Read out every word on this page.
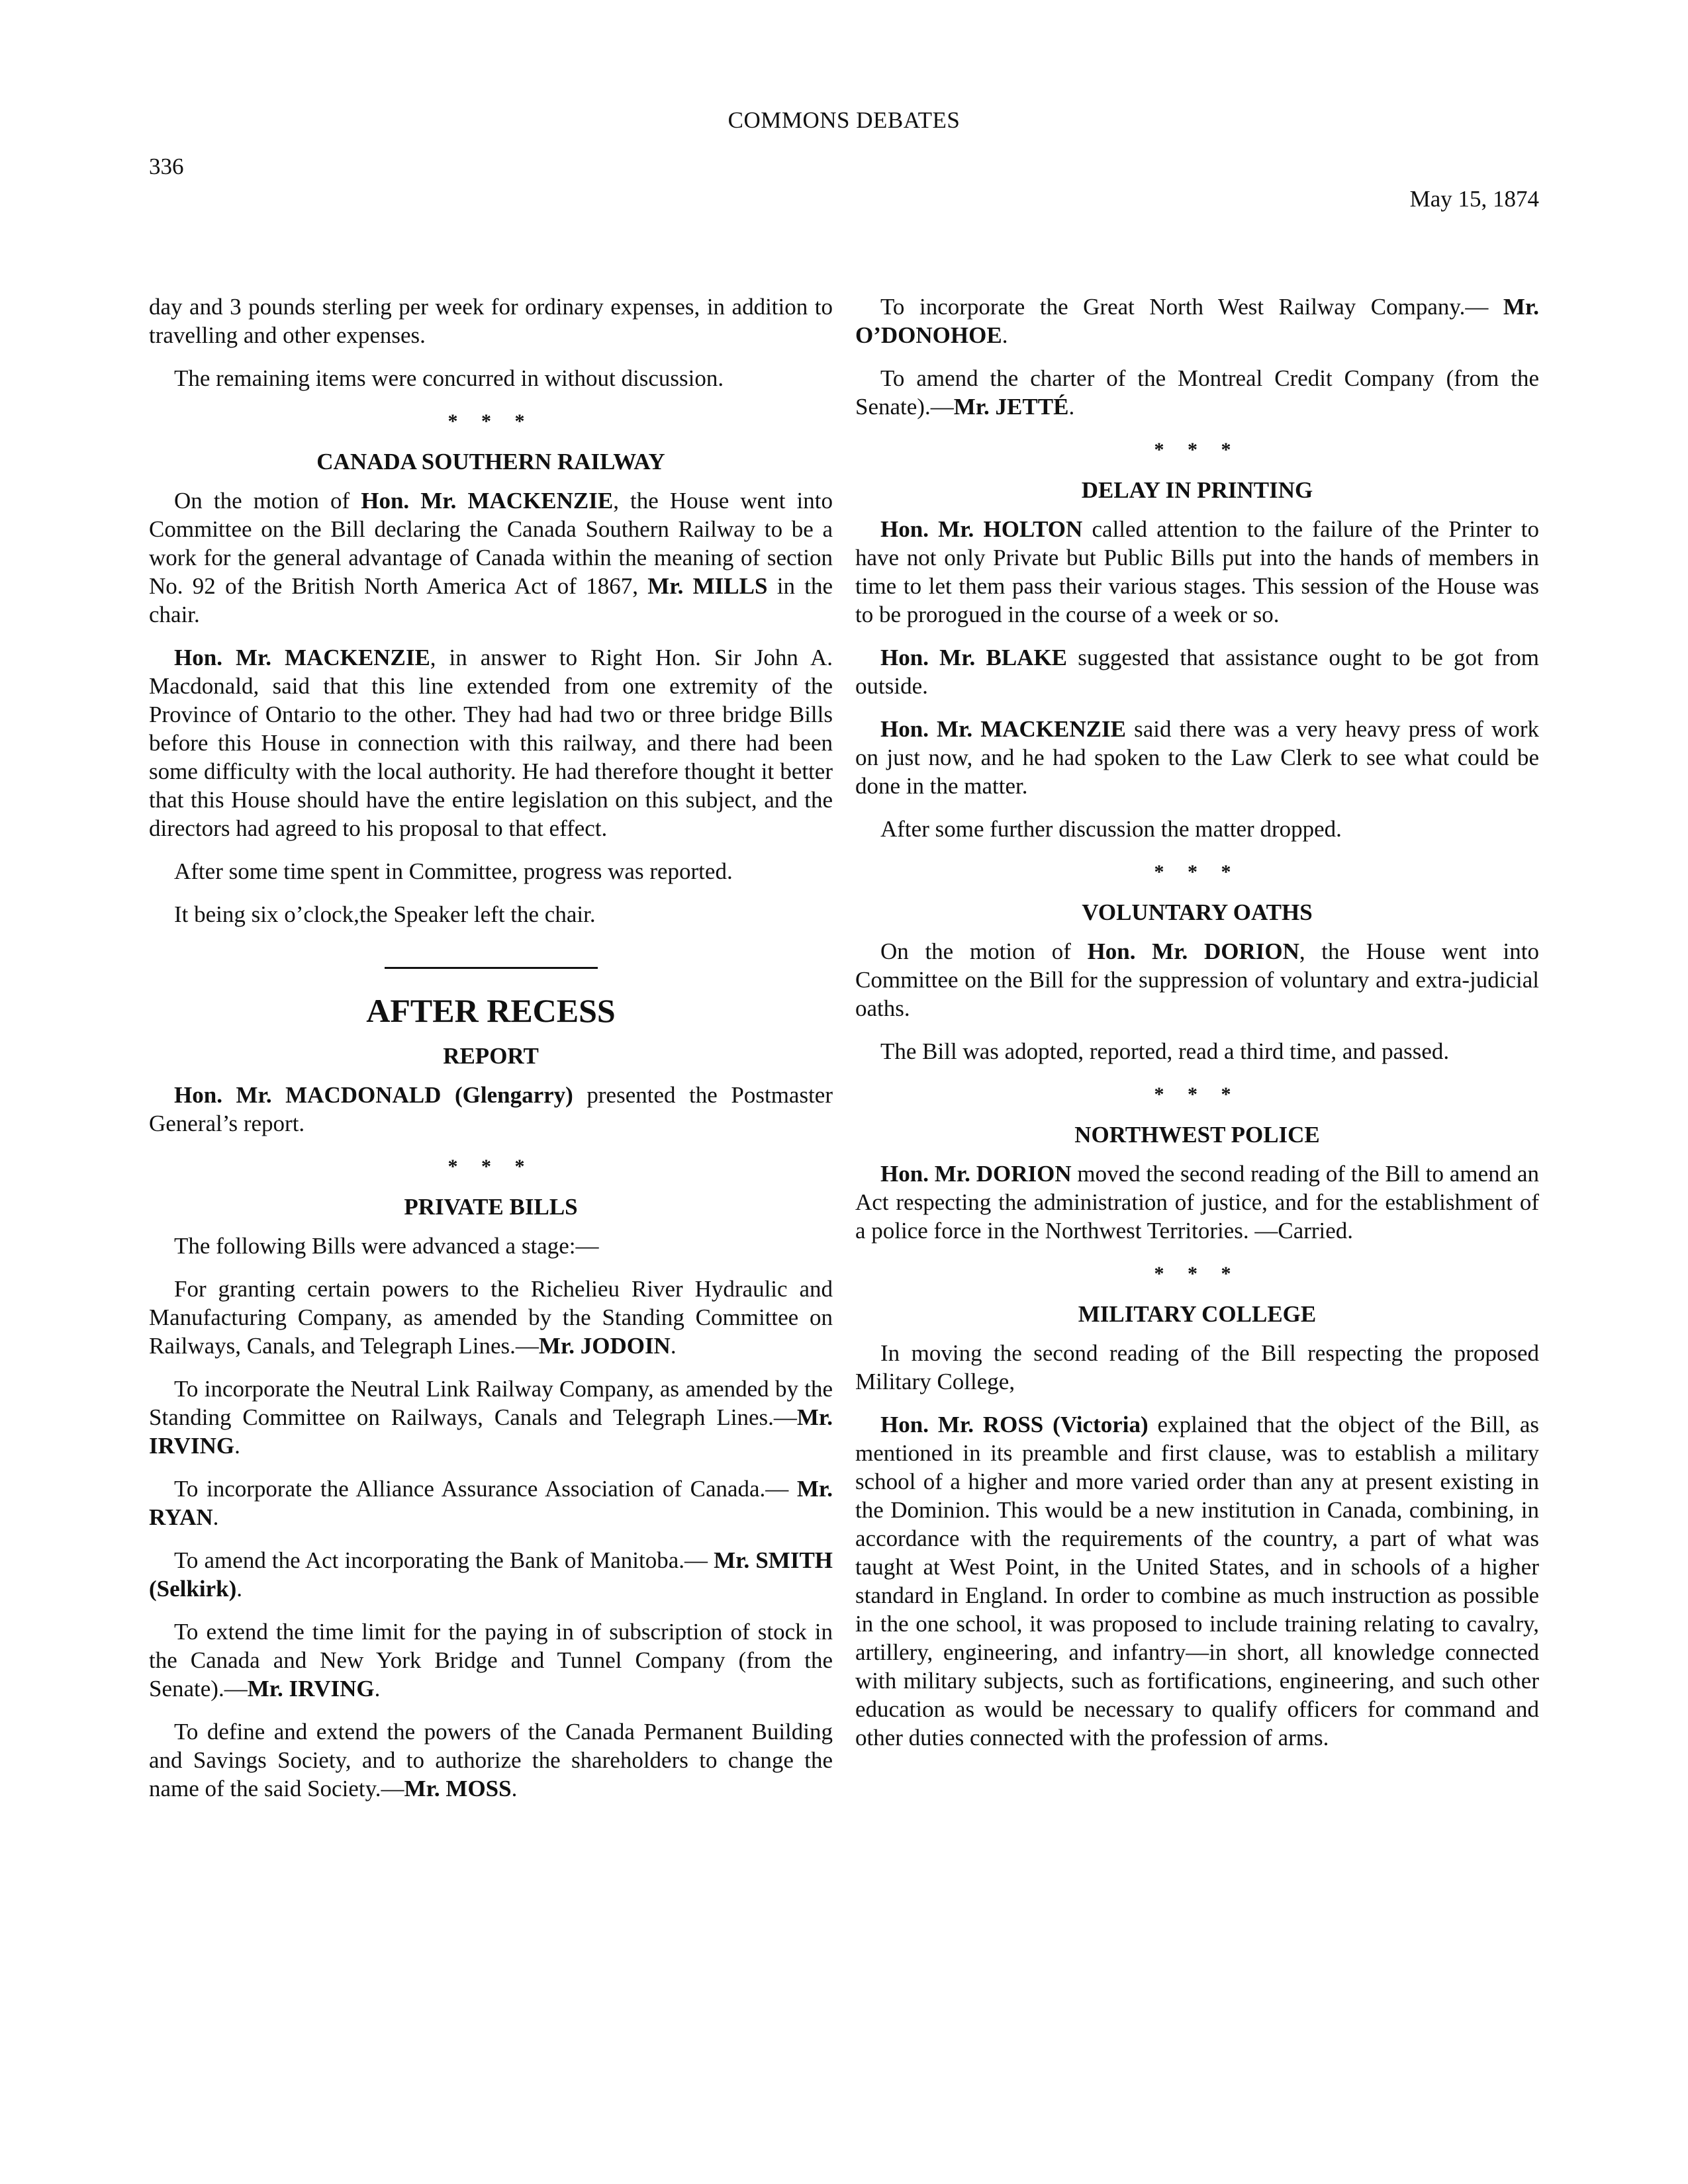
COMMONS DEBATES
336
May 15, 1874

day and 3 pounds sterling per week for ordinary expenses, in addition to travelling and other expenses.

The remaining items were concurred in without discussion.

* * *
CANADA SOUTHERN RAILWAY

On the motion of Hon. Mr. MACKENZIE, the House went into Committee on the Bill declaring the Canada Southern Railway to be a work for the general advantage of Canada within the meaning of section No. 92 of the British North America Act of 1867, Mr. MILLS in the chair.

Hon. Mr. MACKENZIE, in answer to Right Hon. Sir John A. Macdonald, said that this line extended from one extremity of the Province of Ontario to the other. They had had two or three bridge Bills before this House in connection with this railway, and there had been some difficulty with the local authority. He had therefore thought it better that this House should have the entire legislation on this subject, and the directors had agreed to his proposal to that effect.

After some time spent in Committee, progress was reported.

It being six o’clock,the Speaker left the chair.

AFTER RECESS
REPORT

Hon. Mr. MACDONALD (Glengarry) presented the Postmaster General’s report.

* * *
PRIVATE BILLS

The following Bills were advanced a stage:—

For granting certain powers to the Richelieu River Hydraulic and Manufacturing Company, as amended by the Standing Committee on Railways, Canals, and Telegraph Lines.—Mr. JODOIN.

To incorporate the Neutral Link Railway Company, as amended by the Standing Committee on Railways, Canals and Telegraph Lines.—Mr. IRVING.

To incorporate the Alliance Assurance Association of Canada.— Mr. RYAN.

To amend the Act incorporating the Bank of Manitoba.— Mr. SMITH (Selkirk).

To extend the time limit for the paying in of subscription of stock in the Canada and New York Bridge and Tunnel Company (from the Senate).—Mr. IRVING.

To define and extend the powers of the Canada Permanent Building and Savings Society, and to authorize the shareholders to change the name of the said Society.—Mr. MOSS.

To incorporate the Great North West Railway Company.— Mr. O’DONOHOE.

To amend the charter of the Montreal Credit Company (from the Senate).—Mr. JETTÉ.

* * *
DELAY IN PRINTING

Hon. Mr. HOLTON called attention to the failure of the Printer to have not only Private but Public Bills put into the hands of members in time to let them pass their various stages. This session of the House was to be prorogued in the course of a week or so.

Hon. Mr. BLAKE suggested that assistance ought to be got from outside.

Hon. Mr. MACKENZIE said there was a very heavy press of work on just now, and he had spoken to the Law Clerk to see what could be done in the matter.

After some further discussion the matter dropped.

* * *
VOLUNTARY OATHS

On the motion of Hon. Mr. DORION, the House went into Committee on the Bill for the suppression of voluntary and extra-judicial oaths.

The Bill was adopted, reported, read a third time, and passed.

* * *
NORTHWEST POLICE

Hon. Mr. DORION moved the second reading of the Bill to amend an Act respecting the administration of justice, and for the establishment of a police force in the Northwest Territories. —Carried.

* * *
MILITARY COLLEGE

In moving the second reading of the Bill respecting the proposed Military College,

Hon. Mr. ROSS (Victoria) explained that the object of the Bill, as mentioned in its preamble and first clause, was to establish a military school of a higher and more varied order than any at present existing in the Dominion. This would be a new institution in Canada, combining, in accordance with the requirements of the country, a part of what was taught at West Point, in the United States, and in schools of a higher standard in England. In order to combine as much instruction as possible in the one school, it was proposed to include training relating to cavalry, artillery, engineering, and infantry—in short, all knowledge connected with military subjects, such as fortifications, engineering, and such other education as would be necessary to qualify officers for command and other duties connected with the profession of arms.
